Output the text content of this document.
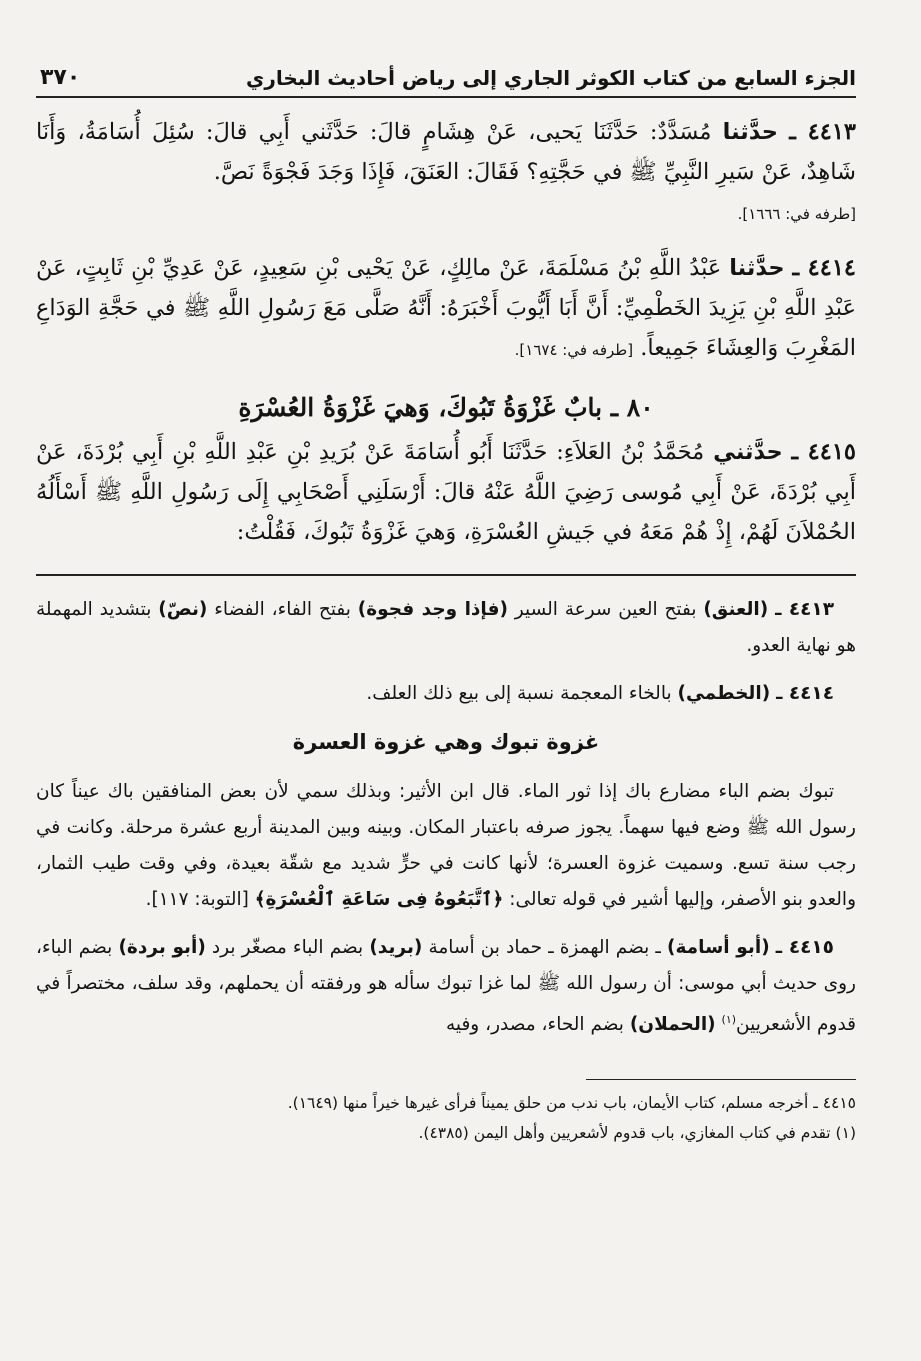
الجزء السابع من كتاب الكوثر الجاري إلى رياض أحاديث البخاري
٣٧٠
٤٤١٣ ـ حدَّثنا مُسَدَّدٌ: حَدَّثَنَا يَحيى، عَنْ هِشَامٍ قالَ: حَدَّثَني أَبِي قالَ: سُئِلَ أُسَامَةُ، وَأَنَا شَاهِدٌ، عَنْ سَيرِ النَّبِيِّ ﷺ في حَجَّتِهِ؟ فَقَالَ: العَنَقَ، فَإِذَا وَجَدَ فَجْوَةً نَصَّ.
[طرفه في: ١٦٦٦].
٤٤١٤ ـ حدَّثنا عَبْدُ اللَّهِ بْنُ مَسْلَمَةَ، عَنْ مالِكٍ، عَنْ يَحْيى بْنِ سَعِيدٍ، عَنْ عَدِيِّ بْنِ ثَابِتٍ، عَنْ عَبْدِ اللَّهِ بْنِ يَزِيدَ الخَطْمِيِّ: أَنَّ أَبَا أَيُّوبَ أَخْبَرَهُ: أَنَّهُ صَلَّى مَعَ رَسُولِ اللَّهِ ﷺ في حَجَّةِ الوَدَاعِ المَغْرِبَ وَالعِشَاءَ جَمِيعاً. [طرفه في: ١٦٧٤].
٨٠ ـ بابٌ غَزْوَةُ تَبُوكَ، وَهيَ غَزْوَةُ العُسْرَةِ
٤٤١٥ ـ حدَّثني مُحَمَّدُ بْنُ العَلاَءِ: حَدَّثَنَا أَبُو أُسَامَةَ عَنْ بُرَيدِ بْنِ عَبْدِ اللَّهِ بْنِ أَبِي بُرْدَةَ، عَنْ أَبِي بُرْدَةَ، عَنْ أَبِي مُوسى رَضِيَ اللَّهُ عَنْهُ قالَ: أَرْسَلَنِي أَصْحَابِي إِلَى رَسُولِ اللَّهِ ﷺ أَسْأَلُهُ الحُمْلاَنَ لَهُمْ، إِذْ هُمْ مَعَهُ في جَيشِ العُسْرَةِ، وَهيَ غَزْوَةُ تَبُوكَ، فَقُلْتُ:

٤٤١٣ ـ (العنق) بفتح العين سرعة السير (فإذا وجد فجوة) بفتح الفاء، الفضاء (نصّ) بتشديد المهملة هو نهاية العدو.

٤٤١٤ ـ (الخطمي) بالخاء المعجمة نسبة إلى بيع ذلك العلف.

غزوة تبوك وهي غزوة العسرة

تبوك بضم الباء مضارع باك إذا ثور الماء. قال ابن الأثير: وبذلك سمي لأن بعض المنافقين باك عيناً كان رسول الله ﷺ وضع فيها سهماً. يجوز صرفه باعتبار المكان. وبينه وبين المدينة أربع عشرة مرحلة. وكانت في رجب سنة تسع. وسميت غزوة العسرة؛ لأنها كانت في حرٍّ شديد مع شقّة بعيدة، وفي وقت طيب الثمار، والعدو بنو الأصفر، وإليها أشير في قوله تعالى: ﴿ٱتَّبَعُوهُ فِى سَاعَةِ ٱلْعُسْرَةِ﴾ [التوبة: ١١٧].

٤٤١٥ ـ (أبو أسامة) ـ بضم الهمزة ـ حماد بن أسامة (بريد) بضم الباء مصغّر برد (أبو بردة) بضم الباء، روى حديث أبي موسى: أن رسول الله ﷺ لما غزا تبوك سأله هو ورفقته أن يحملهم، وقد سلف، مختصراً في قدوم الأشعريين$^{(١)}$ (الحملان) بضم الحاء، مصدر، وفيه

٤٤١٥ ـ أخرجه مسلم، كتاب الأيمان، باب ندب من حلق يميناً فرأى غيرها خيراً منها (١٦٤٩).
(١) تقدم في كتاب المغازي، باب قدوم لأشعريين وأهل اليمن (٤٣٨٥).
